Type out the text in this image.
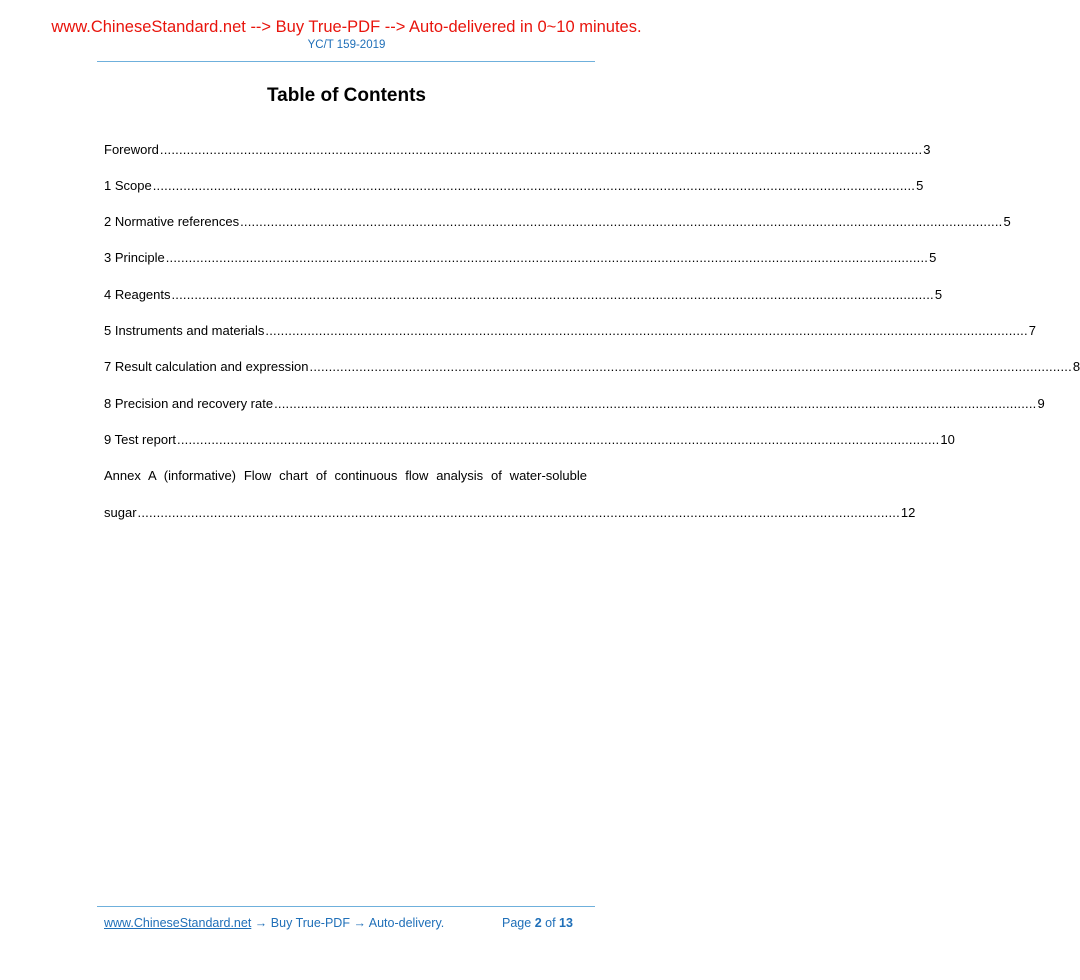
www.ChineseStandard.net --> Buy True-PDF --> Auto-delivered in 0~10 minutes.
YC/T 159-2019
Table of Contents
Foreword ........................................................................................................................................................................................................ 3
1 Scope ........................................................................................................................................................................................................ 5
2 Normative references ........................................................................................................................................................................................................ 5
3 Principle ........................................................................................................................................................................................................ 5
4 Reagents ........................................................................................................................................................................................................ 5
5 Instruments and materials ........................................................................................................................................................................................................ 7
7 Result calculation and expression ........................................................................................................................................................................................................ 8
8 Precision and recovery rate ........................................................................................................................................................................................................ 9
9 Test report ........................................................................................................................................................................................................ 10
Annex A (informative) Flow chart of continuous flow analysis of water-soluble
sugar ........................................................................................................................................................................................................ 12
www.ChineseStandard.net → Buy True-PDF → Auto-delivery.	Page 2 of 13
